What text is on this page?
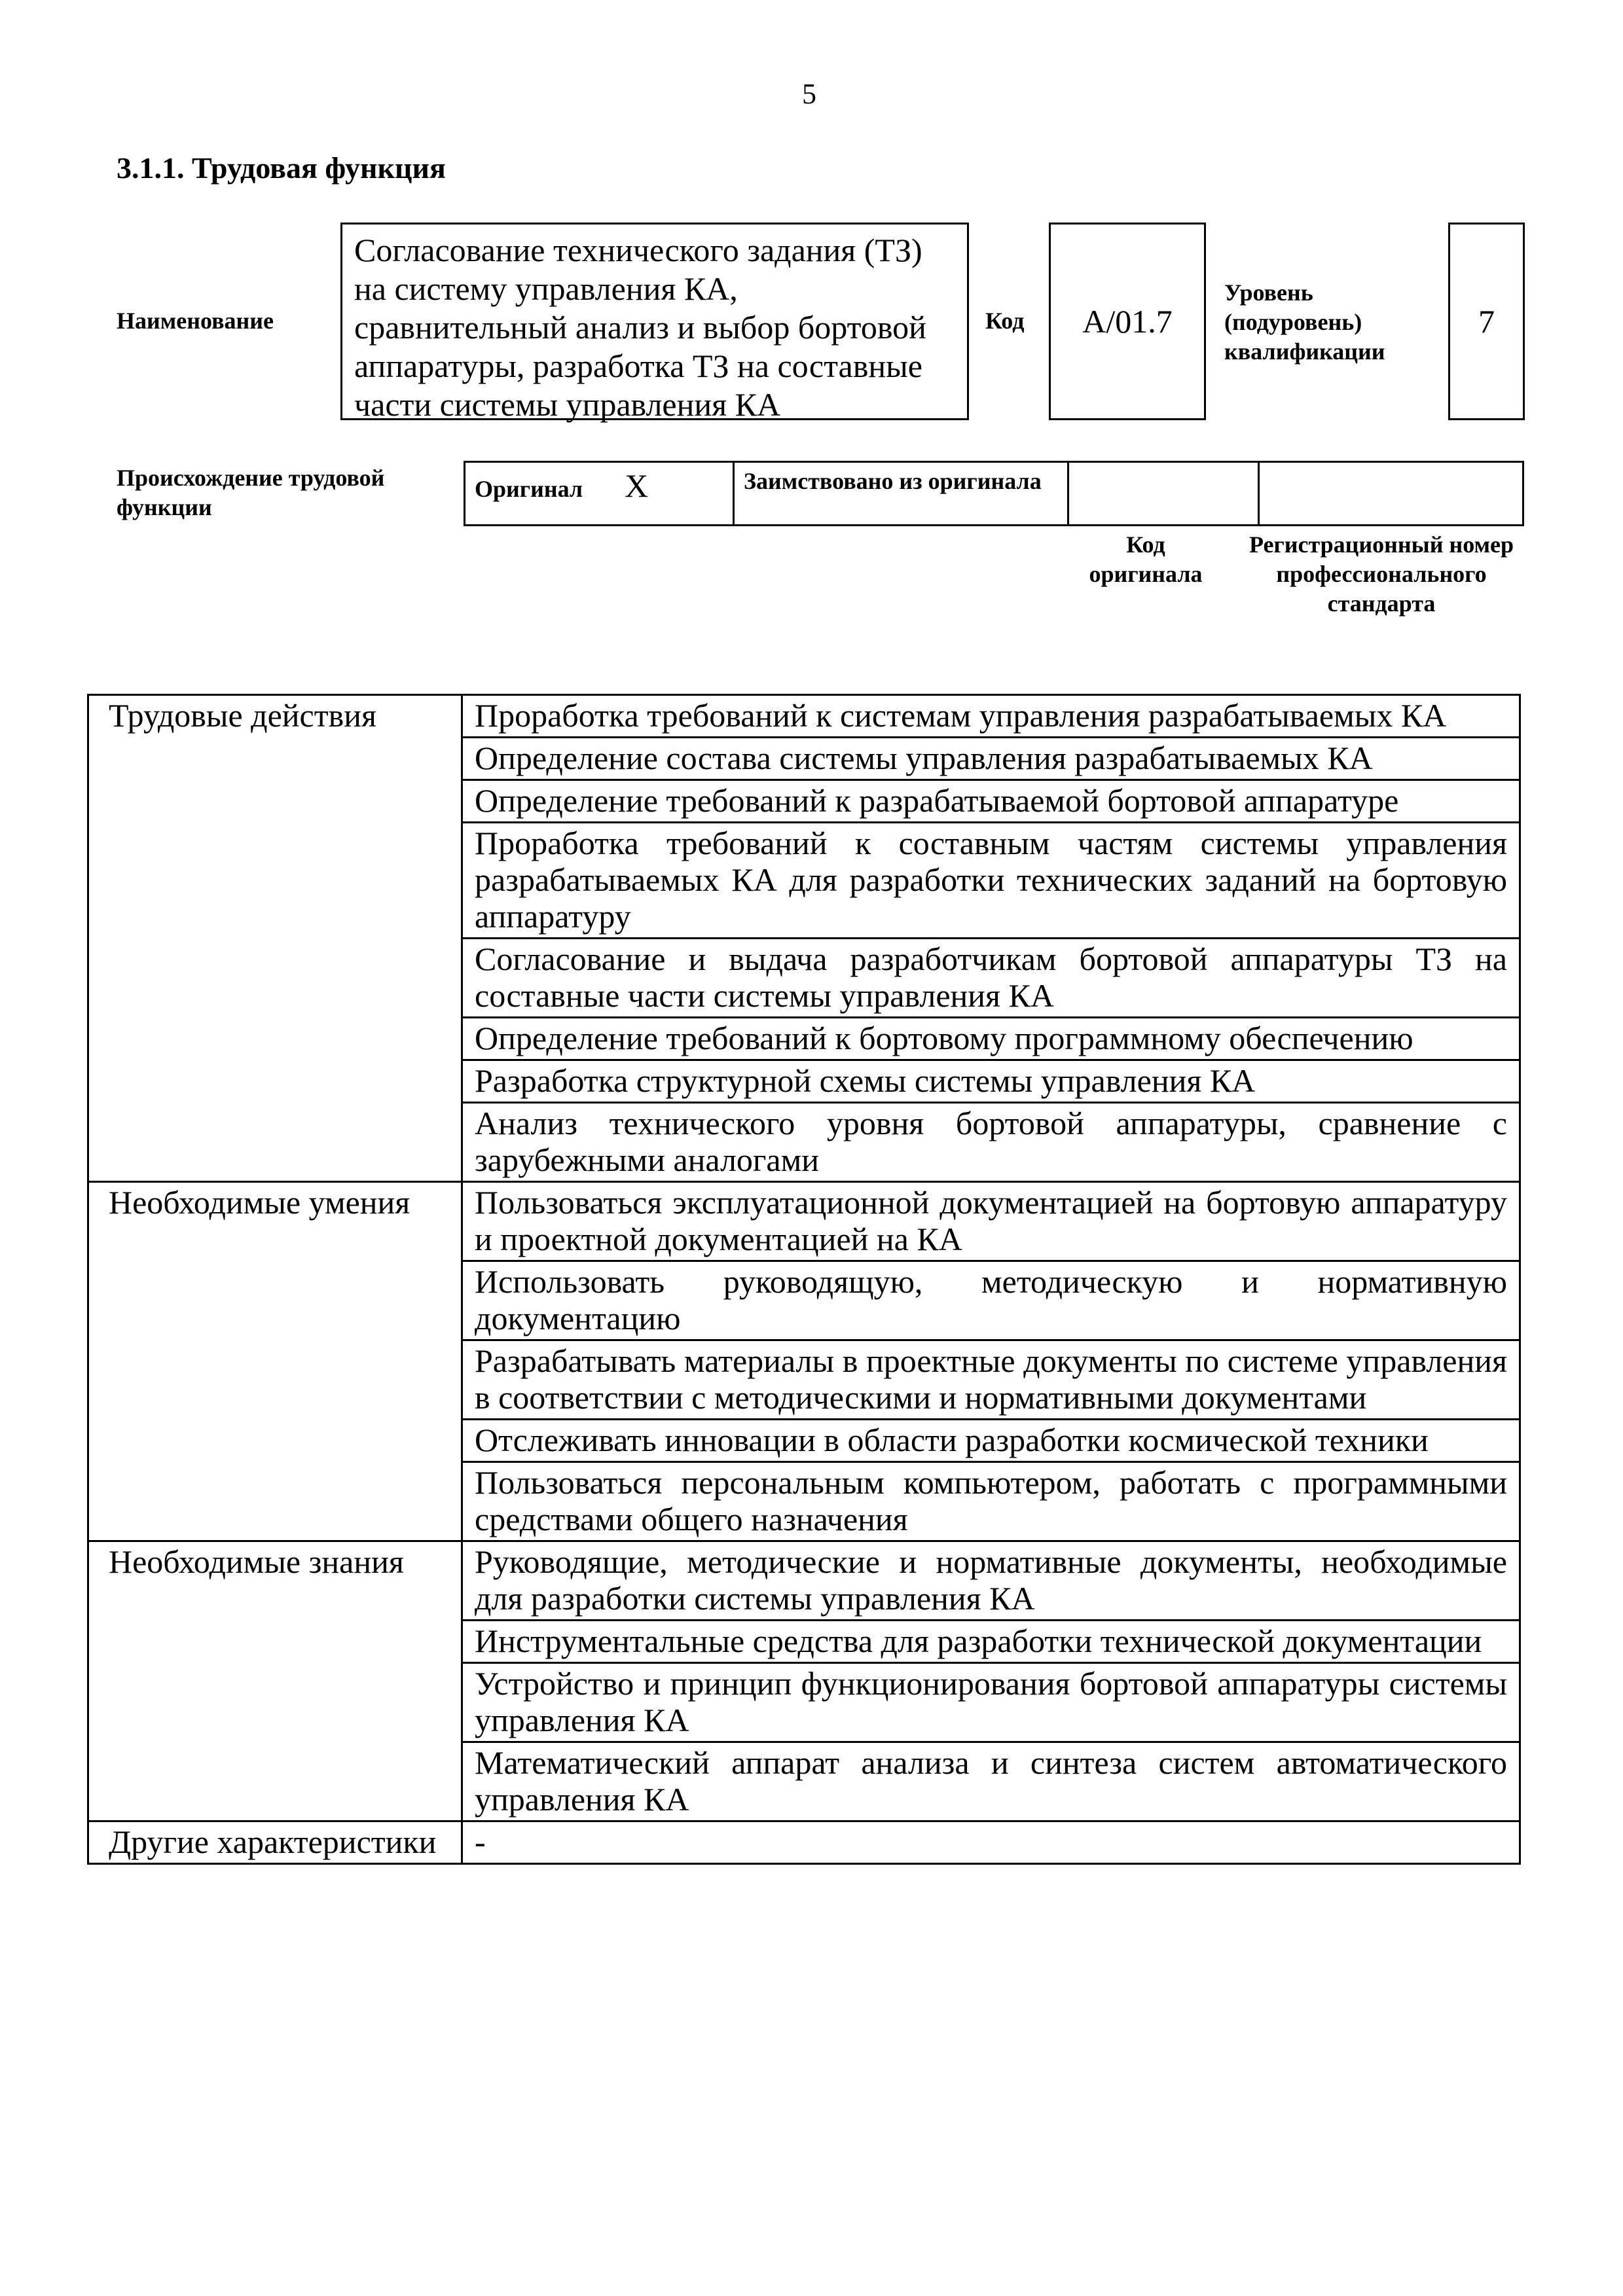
5
3.1.1. Трудовая функция
Наименование
Согласование технического задания (ТЗ) на систему управления КА, сравнительный анализ и выбор бортовой аппаратуры, разработка ТЗ на составные части системы управления КА
Код А/01.7
Уровень (подуровень) квалификации
7
Происхождение трудовой функции
Оригинал X	Заимствовано из оригинала		
Код оригинала
Регистрационный номер профессионального стандарта
Трудовые действия	Проработка требований к системам управления разрабатываемых КА
	Определение состава системы управления разрабатываемых КА
	Определение требований к разрабатываемой бортовой аппаратуре
	Проработка требований к составным частям системы управления разрабатываемых КА для разработки технических заданий на бортовую аппаратуру
	Согласование и выдача разработчикам бортовой аппаратуры ТЗ на составные части системы управления КА
	Определение требований к бортовому программному обеспечению
	Разработка структурной схемы системы управления КА
	Анализ технического уровня бортовой аппаратуры, сравнение с зарубежными аналогами
Необходимые умения	Пользоваться эксплуатационной документацией на бортовую аппаратуру и проектной документацией на КА
	Использовать руководящую, методическую и нормативную документацию
	Разрабатывать материалы в проектные документы по системе управления в соответствии с методическими и нормативными документами
	Отслеживать инновации в области разработки космической техники
	Пользоваться персональным компьютером, работать с программными средствами общего назначения
Необходимые знания	Руководящие, методические и нормативные документы, необходимые для разработки системы управления КА
	Инструментальные средства для разработки технической документации
	Устройство и принцип функционирования бортовой аппаратуры системы управления КА
	Математический аппарат анализа и синтеза систем автоматического управления КА
Другие характеристики	-
